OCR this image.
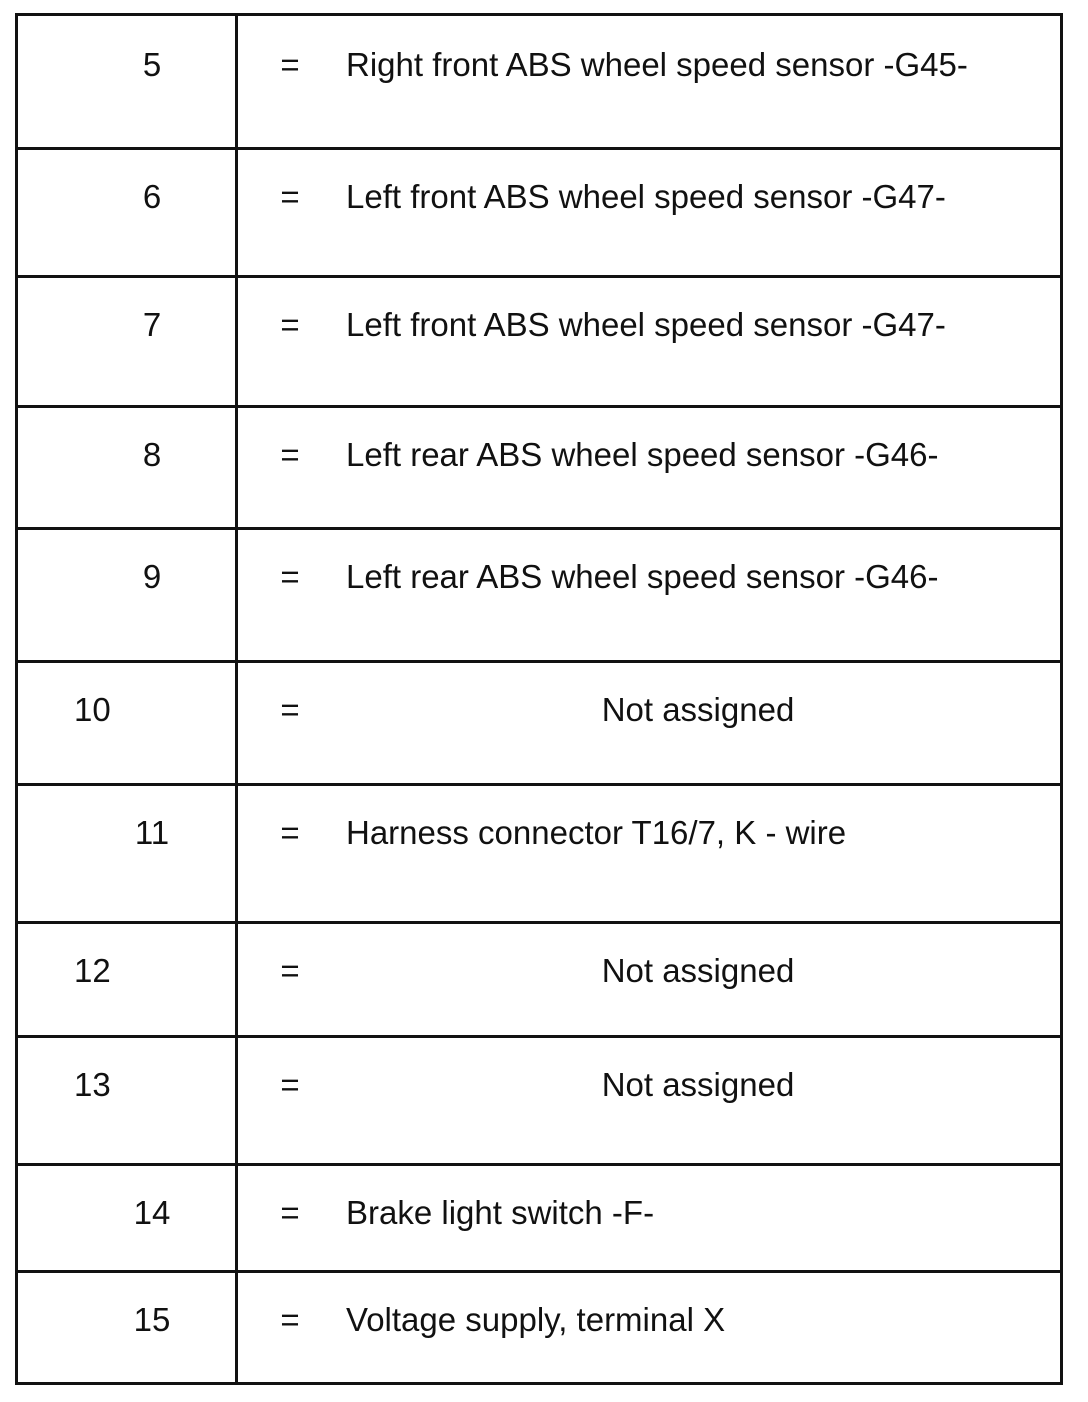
5	= Right front ABS wheel speed sensor -G45-
6	= Left front ABS wheel speed sensor -G47-
7	= Left front ABS wheel speed sensor -G47-
8	= Left rear ABS wheel speed sensor -G46-
9	= Left rear ABS wheel speed sensor -G46-
10	=	Not assigned
11	= Harness connector T16/7, K - wire
12	=	Not assigned
13	=	Not assigned
14	= Brake light switch -F-
15	= Voltage supply, terminal X
